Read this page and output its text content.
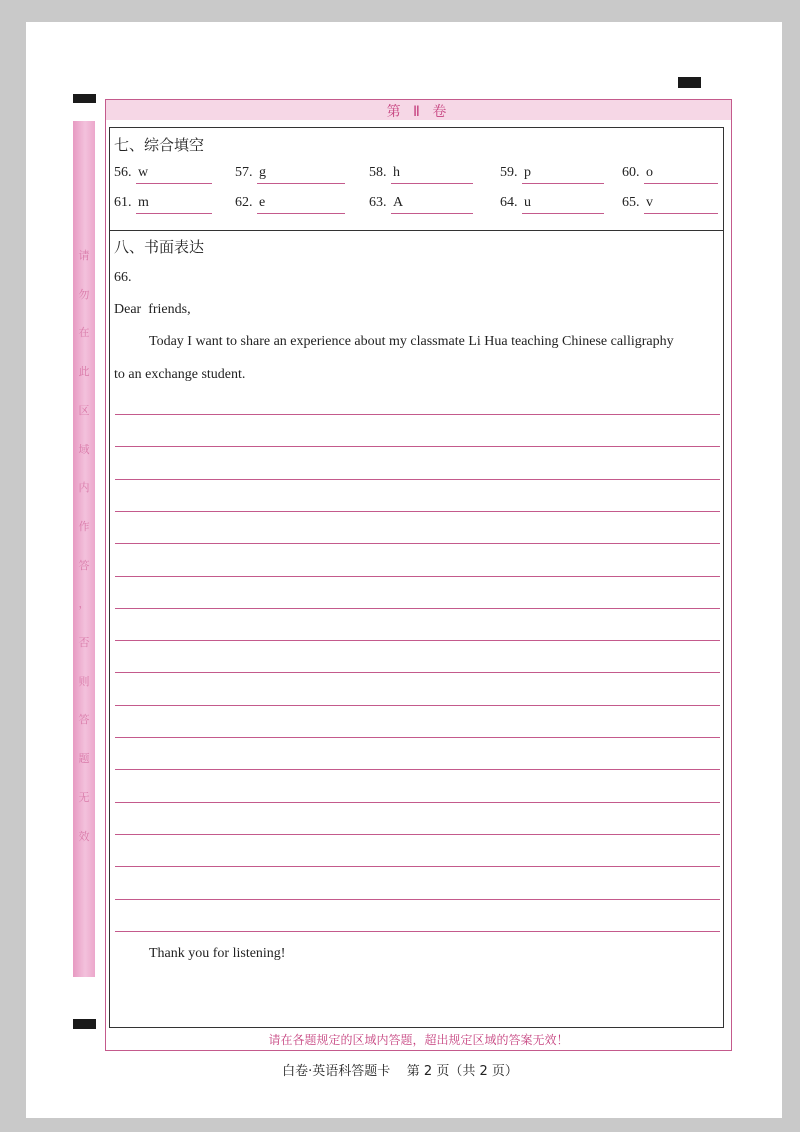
请
勿
在
此
区
域
内
作
答
，
否
则
答
题
无
效
第 Ⅱ 卷
七、综合填空
56. w	57. g	58. h	59. p	60. o
61. m	62. e	63. A	64. u	65. v
八、书面表达
66.
Dear  friends,
Today I want to share an experience about my classmate Li Hua teaching Chinese calligraphy
to an exchange student.
Thank you for listening!
请在各题规定的区域内答题，超出规定区域的答案无效！
白卷·英语科答题卡    第 2 页（共 2 页）
